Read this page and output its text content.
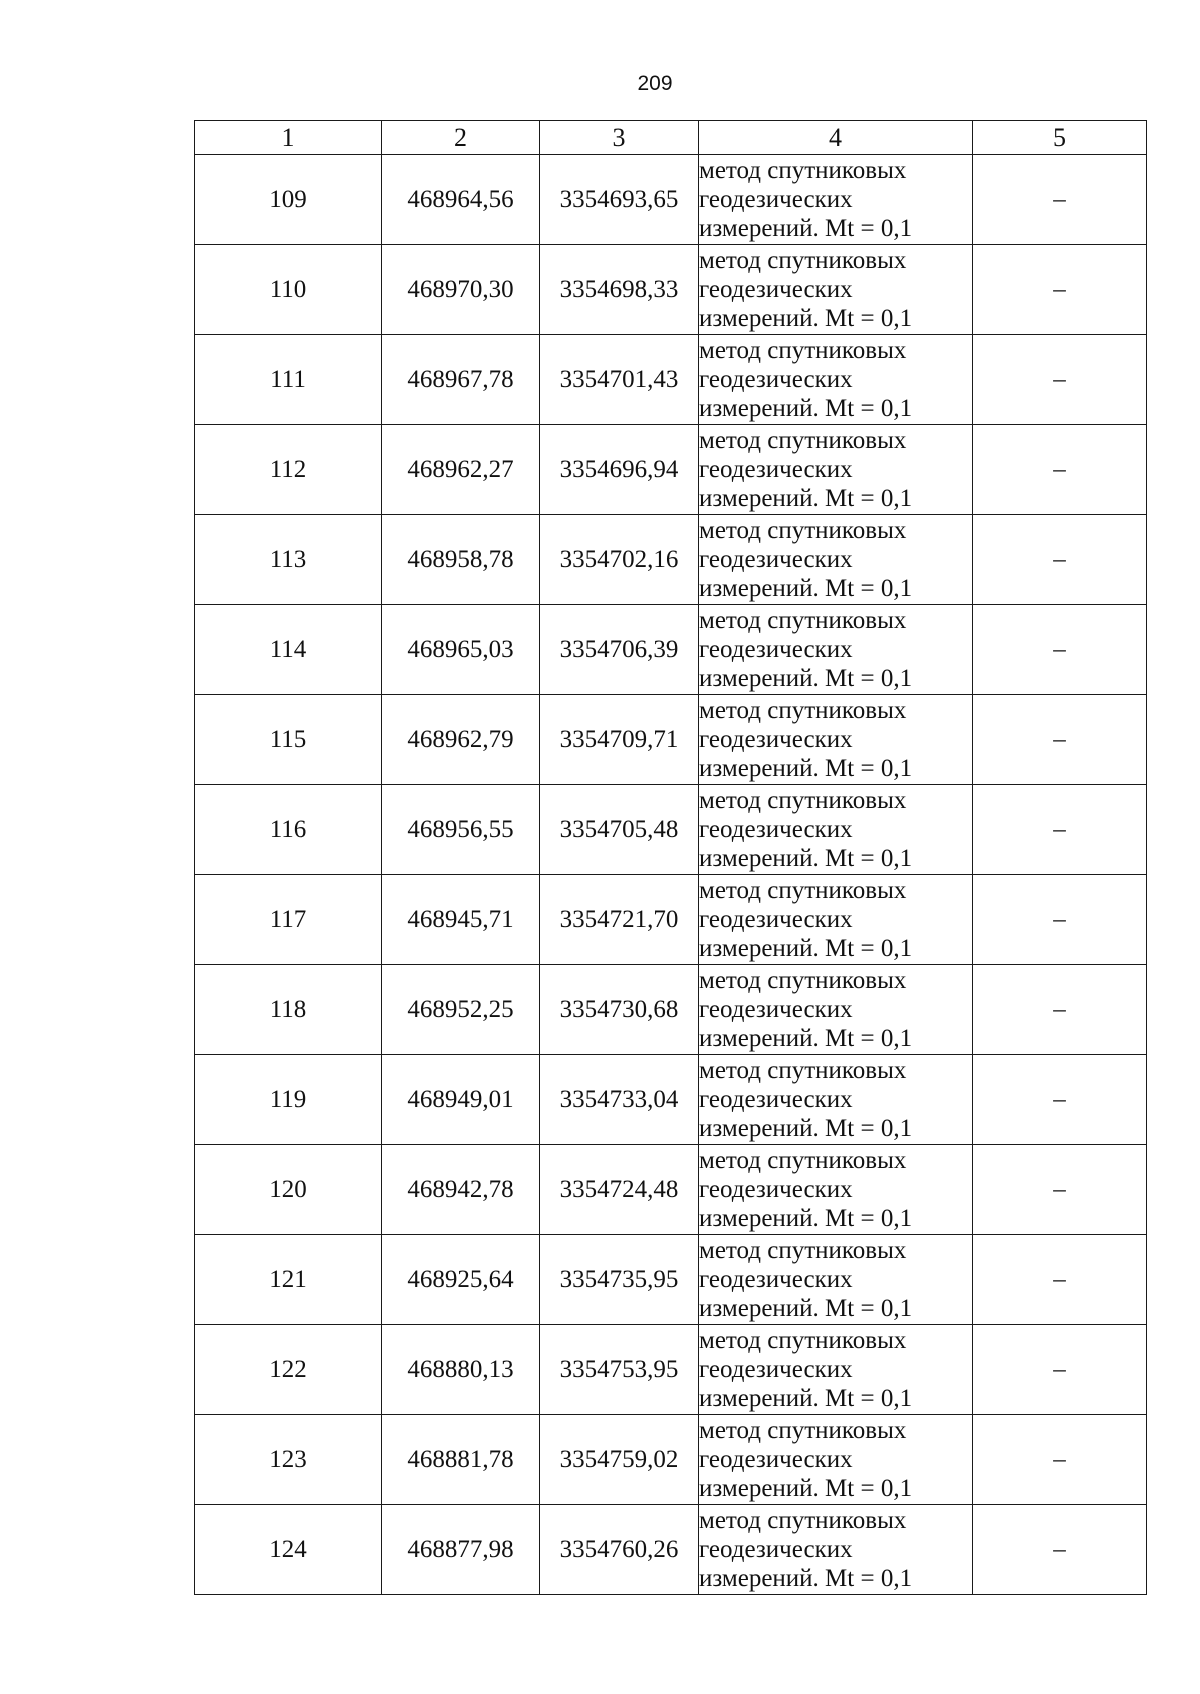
209
1	2	3	4	5
109	468964,56	3354693,65	метод спутниковых
геодезических
измерений. Mt = 0,1	–
110	468970,30	3354698,33	метод спутниковых
геодезических
измерений. Mt = 0,1	–
111	468967,78	3354701,43	метод спутниковых
геодезических
измерений. Mt = 0,1	–
112	468962,27	3354696,94	метод спутниковых
геодезических
измерений. Mt = 0,1	–
113	468958,78	3354702,16	метод спутниковых
геодезических
измерений. Mt = 0,1	–
114	468965,03	3354706,39	метод спутниковых
геодезических
измерений. Mt = 0,1	–
115	468962,79	3354709,71	метод спутниковых
геодезических
измерений. Mt = 0,1	–
116	468956,55	3354705,48	метод спутниковых
геодезических
измерений. Mt = 0,1	–
117	468945,71	3354721,70	метод спутниковых
геодезических
измерений. Mt = 0,1	–
118	468952,25	3354730,68	метод спутниковых
геодезических
измерений. Mt = 0,1	–
119	468949,01	3354733,04	метод спутниковых
геодезических
измерений. Mt = 0,1	–
120	468942,78	3354724,48	метод спутниковых
геодезических
измерений. Mt = 0,1	–
121	468925,64	3354735,95	метод спутниковых
геодезических
измерений. Mt = 0,1	–
122	468880,13	3354753,95	метод спутниковых
геодезических
измерений. Mt = 0,1	–
123	468881,78	3354759,02	метод спутниковых
геодезических
измерений. Mt = 0,1	–
124	468877,98	3354760,26	метод спутниковых
геодезических
измерений. Mt = 0,1	–
